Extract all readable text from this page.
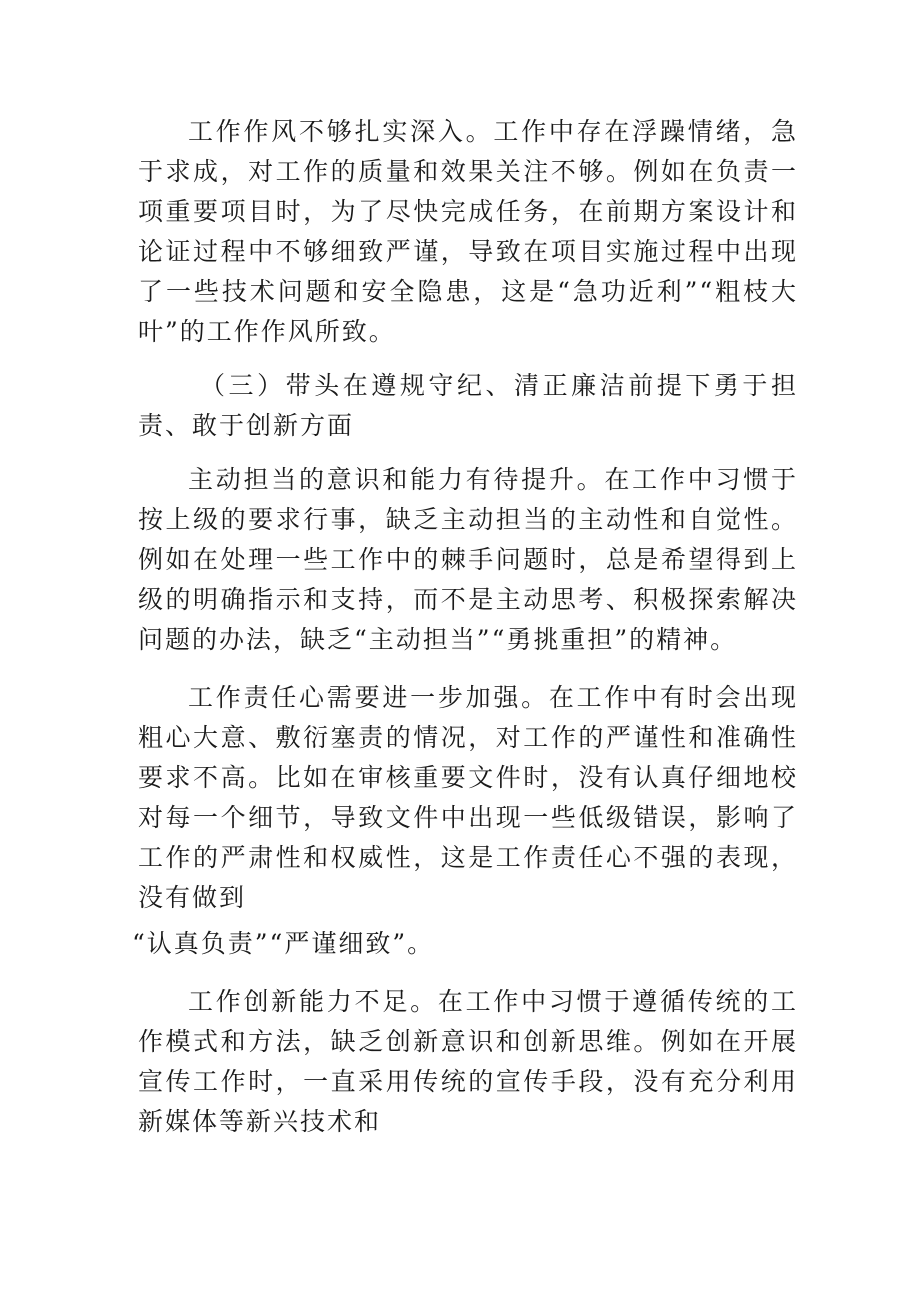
工作作风不够扎实深入。工作中存在浮躁情绪，急于求成，对工作的质量和效果关注不够。例如在负责一项重要项目时，为了尽快完成任务，在前期方案设计和论证过程中不够细致严谨，导致在项目实施过程中出现了一些技术问题和安全隐患，这是“急功近利”“粗枝大叶”的工作作风所致。

（三）带头在遵规守纪、清正廉洁前提下勇于担责、敢于创新方面

主动担当的意识和能力有待提升。在工作中习惯于按上级的要求行事，缺乏主动担当的主动性和自觉性。例如在处理一些工作中的棘手问题时，总是希望得到上级的明确指示和支持，而不是主动思考、积极探索解决问题的办法，缺乏“主动担当”“勇挑重担”的精神。

工作责任心需要进一步加强。在工作中有时会出现粗心大意、敷衍塞责的情况，对工作的严谨性和准确性要求不高。比如在审核重要文件时，没有认真仔细地校对每一个细节，导致文件中出现一些低级错误，影响了工作的严肃性和权威性，这是工作责任心不强的表现，没有做到

“认真负责”“严谨细致”。

工作创新能力不足。在工作中习惯于遵循传统的工作模式和方法，缺乏创新意识和创新思维。例如在开展宣传工作时，一直采用传统的宣传手段，没有充分利用新媒体等新兴技术和
